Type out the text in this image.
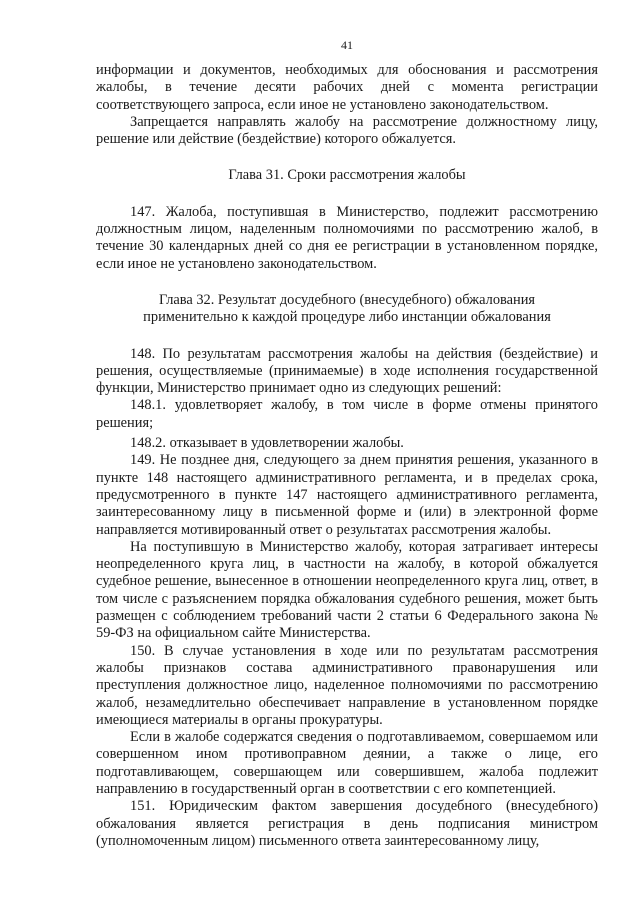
41

информации и документов, необходимых для обоснования и рассмотрения жалобы, в течение десяти рабочих дней с момента регистрации соответствующего запроса, если иное не установлено законодательством.

Запрещается направлять жалобу на рассмотрение должностному лицу, решение или действие (бездействие) которого обжалуется.

Глава 31. Сроки рассмотрения жалобы

147. Жалоба, поступившая в Министерство, подлежит рассмотрению должностным лицом, наделенным полномочиями по рассмотрению жалоб, в течение 30 календарных дней со дня ее регистрации в установленном порядке, если иное не установлено законодательством.

Глава 32. Результат досудебного (внесудебного) обжалования
применительно к каждой процедуре либо инстанции обжалования

148. По результатам рассмотрения жалобы на действия (бездействие) и решения, осуществляемые (принимаемые) в ходе исполнения государственной функции, Министерство принимает одно из следующих решений:

148.1. удовлетворяет жалобу, в том числе в форме отмены принятого решения;

148.2. отказывает в удовлетворении жалобы.

149. Не позднее дня, следующего за днем принятия решения, указанного в пункте 148 настоящего административного регламента, и в пределах срока, предусмотренного в пункте 147 настоящего административного регламента, заинтересованному лицу в письменной форме и (или) в электронной форме направляется мотивированный ответ о результатах рассмотрения жалобы.

На поступившую в Министерство жалобу, которая затрагивает интересы неопределенного круга лиц, в частности на жалобу, в которой обжалуется судебное решение, вынесенное в отношении неопределенного круга лиц, ответ, в том числе с разъяснением порядка обжалования судебного решения, может быть размещен с соблюдением требований части 2 статьи 6 Федерального закона № 59-ФЗ на официальном сайте Министерства.

150. В случае установления в ходе или по результатам рассмотрения жалобы признаков состава административного правонарушения или преступления должностное лицо, наделенное полномочиями по рассмотрению жалоб, незамедлительно обеспечивает направление в установленном порядке имеющиеся материалы в органы прокуратуры.

Если в жалобе содержатся сведения о подготавливаемом, совершаемом или совершенном ином противоправном деянии, а также о лице, его подготавливающем, совершающем или совершившем, жалоба подлежит направлению в государственный орган в соответствии с его компетенцией.

151. Юридическим фактом завершения досудебного (внесудебного) обжалования является регистрация в день подписания министром (уполномоченным лицом) письменного ответа заинтересованному лицу,
